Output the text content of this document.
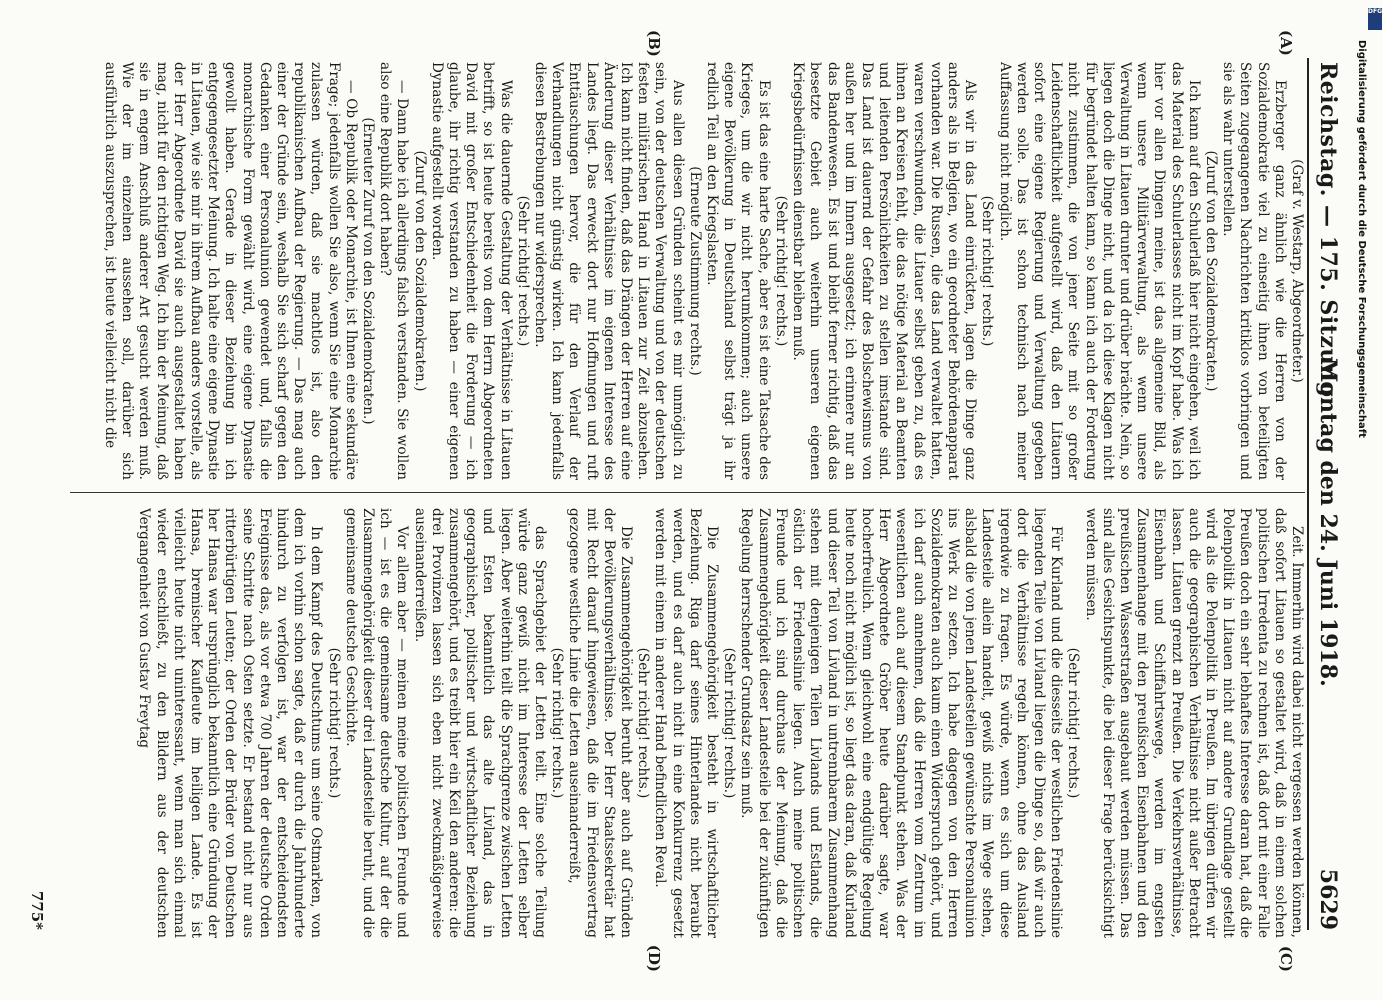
Reichstag. — 175. Sitzung.
Montag den 24. Juni 1918.
5629
(A)
(B)
(C)
(D)

(Graf v. Westarp, Abgeordneter.)

Erzberger ganz ähnlich wie die Herren von der Sozialdemokratie viel zu einseitig ihnen von beteiligten Seiten zugegangenen Nachrichten kritiklos vorbringen und sie als wahr unterstellen.

(Zuruf von den Sozialdemokraten.)

Ich kann auf den Schulerlaß hier nicht eingehen, weil ich das Material des Schulerlasses nicht im Kopf habe. Was ich hier vor allen Dingen meine, ist das allgemeine Bild, als wenn unsere Militärverwaltung, als wenn unsere Verwaltung in Litauen drunter und drüber brächte. Nein, so liegen doch die Dinge nicht, und da ich diese Klagen nicht für begründet halten kann, so kann ich auch der Forderung nicht zustimmen, die von jener Seite mit so großer Leidenschaftlichkeit aufgestellt wird, daß den Litauern sofort eine eigene Regierung und Verwaltung gegeben werden solle. Das ist schon technisch nach meiner Auffassung nicht möglich.

(Sehr richtig! rechts.)

Als wir in das Land einrückten, lagen die Dinge ganz anders als in Belgien, wo ein geordneter Behördenapparat vorhanden war. Die Russen, die das Land verwaltet hatten, waren verschwunden, die Litauer selbst geben zu, daß es ihnen an Kreisen fehlt, die das nötige Material an Beamten und leitenden Persönlichkeiten zu stellen imstande sind. Das Land ist dauernd der Gefahr des Bolschewismus von außen her und im Innern ausgesetzt; ich erinnere nur an das Bandenwesen. Es ist und bleibt ferner richtig, daß das besetzte Gebiet auch weiterhin unseren eigenen Kriegsbedürfnissen dienstbar bleiben muß.

(Sehr richtig! rechts.)

Es ist das eine harte Sache, aber es ist eine Tatsache des Krieges, um die wir nicht herumkommen; auch unsere eigene Bevölkerung in Deutschland selbst trägt ja ihr redlich Teil an den Kriegslasten.

(Erneute Zustimmung rechts.)

Aus allen diesen Gründen scheint es mir unmöglich zu sein, von der deutschen Verwaltung und von der deutschen festen militärischen Hand in Litauen zur Zeit abzusehen. Ich kann nicht finden, daß das Drängen der Herren auf eine Änderung dieser Verhältnisse im eigenen Interesse des Landes liegt. Das erweckt dort nur Hoffnungen und ruft Enttäuschungen hervor, die für den Verlauf der Verhandlungen nicht günstig wirken. Ich kann jedenfalls diesen Bestrebungen nur widersprechen.

(Sehr richtig! rechts.)

Was die dauernde Gestaltung der Verhältnisse in Litauen betrifft, so ist heute bereits von dem Herrn Abgeordneten David mit großer Entschiedenheit die Forderung — ich glaube, ihr richtig verstanden zu haben — einer eigenen Dynastie aufgestellt worden.

(Zuruf von den Sozialdemokraten.)

— Dann habe ich allerdings falsch verstanden. Sie wollen also eine Republik dort haben?

(Erneuter Zuruf von den Sozialdemokraten.)

— Ob Republik oder Monarchie, ist Ihnen eine sekundäre Frage; jedenfalls wollen Sie also, wenn Sie eine Monarchie zulassen würden, daß sie machtlos ist, also den republikanischen Aufbau der Regierung. — Das mag auch einer der Gründe sein, weshalb Sie sich scharf gegen den Gedanken einer Personalunion gewendet und, falls die monarchische Form gewählt wird, eine eigene Dynastie gewollt haben. Gerade in dieser Beziehung bin ich entgegengesetzter Meinung. Ich halte eine eigene Dynastie in Litauen, wie sie mir in ihrem Aufbau anders vorstelle, als der Herr Abgeordnete David sie auch ausgestaltet haben mag, nicht für den richtigen Weg. Ich bin der Meinung, daß sie in engem Anschluß anderer Art gesucht werden muß. Wie der im einzelnen aussehen soll, darüber sich ausführlich auszusprechen, ist heute vielleicht nicht die

Zeit. Immerhin wird dabei nicht vergessen werden können, daß sofort Litauen so gestaltet wird, daß in einem solchen politischen Irredenta zu rechnen ist, daß dort mit einer Falle Preußen doch ein sehr lebhaftes Interesse daran hat, daß die Polenpolitik in Litauen nicht auf andere Grundlage gestellt wird als die Polenpolitik in Preußen. Im übrigen dürfen wir auch die geographischen Verhältnisse nicht außer Betracht lassen. Litauen grenzt an Preußen. Die Verkehrsverhältnisse, Eisenbahn und Schiffahrtswege, werden im engsten Zusammenhange mit den preußischen Eisenbahnen und den preußischen Wasserstraßen ausgebaut werden müssen. Das sind alles Gesichtspunkte, die bei dieser Frage berücksichtigt werden müssen.

(Sehr richtig! rechts.)

Für Kurland und die diesseits der westlichen Friedenslinie liegenden Teile von Livland liegen die Dinge so, daß wir auch dort die Verhältnisse regeln können, ohne das Ausland irgendwie zu fragen. Es würde, wenn es sich um diese Landesteile allein handelt, gewiß nichts im Wege stehen, alsbald die von jenen Landesteilen gewünschte Personalunion ins Werk zu setzen. Ich habe dagegen von den Herren Sozialdemokraten auch kaum einen Widerspruch gehört, und ich darf auch annehmen, daß die Herren vom Zentrum im wesentlichen auch auf diesem Standpunkt stehen. Was der Herr Abgeordnete Gröber heute darüber sagte, war hocherfreulich. Wenn gleichwohl eine endgültige Regelung heute noch nicht möglich ist, so liegt das daran, daß Kurland und dieser Teil von Livland in untrennbarem Zusammenhang stehen mit denjenigen Teilen Livlands und Estlands, die östlich der Friedenslinie liegen. Auch meine politischen Freunde und ich sind durchaus der Meinung, daß die Zusammengehörigkeit dieser Landesteile bei der zukünftigen Regelung herrschender Grundsatz sein muß.

(Sehr richtig! rechts.)

Die Zusammengehörigkeit besteht in wirtschaftlicher Beziehung. Riga darf seines Hinterlandes nicht beraubt werden, und es darf auch nicht in eine Konkurrenz gesetzt werden mit einem in anderer Hand befindlichen Reval.

(Sehr richtig! rechts.)

Die Zusammengehörigkeit beruht aber auch auf Gründen der Bevölkerungsverhältnisse. Der Herr Staatssekretär hat mit Recht darauf hingewiesen, daß die im Friedensvertrag gezogene westliche Linie die Letten auseinanderreißt,

(Sehr richtig! rechts.)

das Sprachgebiet der Letten teilt. Eine solche Teilung würde ganz gewiß nicht im Interesse der Letten selber liegen. Aber weiterhin teilt die Sprachgrenze zwischen Letten und Esten bekanntlich das alte Livland, das in geographischer, politischer und wirtschaftlicher Beziehung zusammengehört, und es treibt hier ein Keil den anderen: die drei Provinzen lassen sich eben nicht zweckmäßigerweise auseinanderreißen.

Vor allem aber — meinen meine politischen Freunde und ich — ist es die gemeinsame deutsche Kultur, auf der die Zusammengehörigkeit dieser drei Landesteile beruht, und die gemeinsame deutsche Geschichte.

(Sehr richtig! rechts.)

In dem Kampf des Deutschtums um seine Ostmarken, von dem ich vorhin schon sagte, daß er durch die Jahrhunderte hindurch zu verfolgen ist, war der entscheidendsten Ereignisse das, als vor etwa 700 Jahren der deutsche Orden seine Schritte nach Osten setzte. Er bestand nicht nur aus ritterbürtigen Leuten; der Orden der Brüder von Deutschen her Hansa war ursprünglich bekanntlich eine Gründung der Hansa, bremischer Kaufleute im heiligen Lande. Es ist vielleicht heute nicht uninteressant, wenn man sich einmal wieder entschließt, zu den Bildern aus der deutschen Vergangenheit von Gustav Freytag

775*
DFG
Digitalisierung gefördert durch die Deutsche Forschungsgemeinschaft
